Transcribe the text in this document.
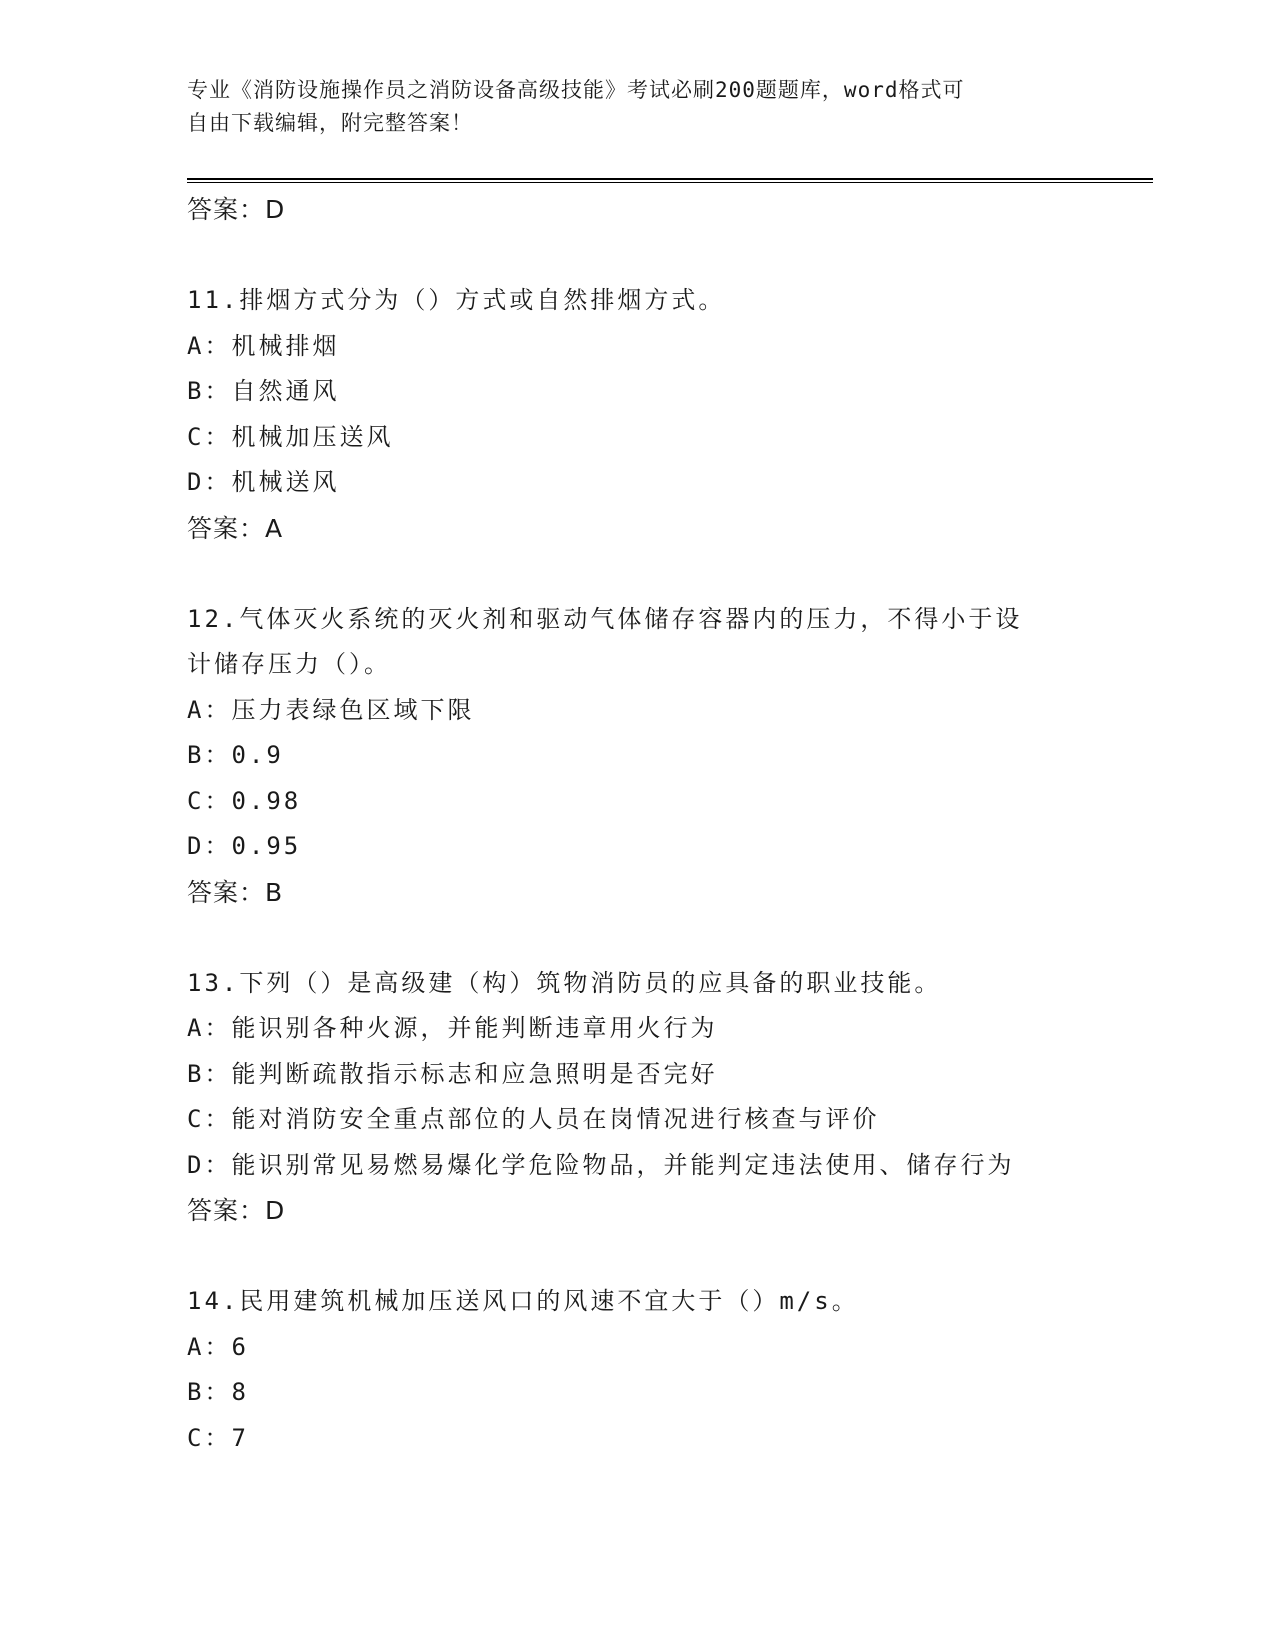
专业《消防设施操作员之消防设备高级技能》考试必刷200题题库，word格式可
自由下载编辑，附完整答案！
答案：D
11.排烟方式分为（）方式或自然排烟方式。
A：机械排烟
B：自然通风
C：机械加压送风
D：机械送风
答案：A
12.气体灭火系统的灭火剂和驱动气体储存容器内的压力，不得小于设
计储存压力（）。
A：压力表绿色区域下限
B：0.9
C：0.98
D：0.95
答案：B
13.下列（）是高级建（构）筑物消防员的应具备的职业技能。
A：能识别各种火源，并能判断违章用火行为
B：能判断疏散指示标志和应急照明是否完好
C：能对消防安全重点部位的人员在岗情况进行核查与评价
D：能识别常见易燃易爆化学危险物品，并能判定违法使用、储存行为
答案：D
14.民用建筑机械加压送风口的风速不宜大于（）m/s。
A：6
B：8
C：7
